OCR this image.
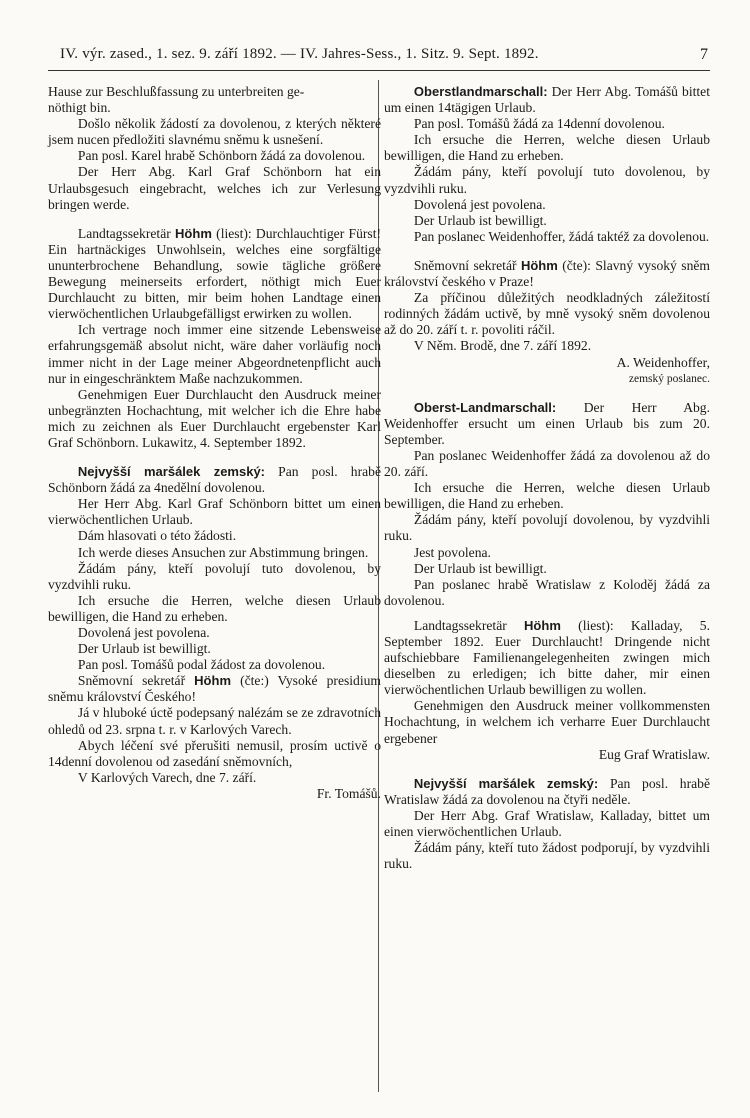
IV. výr. zased., 1. sez. 9. září 1892. — IV. Jahres-Sess., 1. Sitz. 9. Sept. 1892.	7

Hause zur Beschlußfassung zu unterbreiten ge-

nöthigt bin.

Došlo několik žádostí za dovolenou, z kterých některé jsem nucen předložiti slavnému sněmu k usnešení.

Pan posl. Karel hrabě Schönborn žádá za dovolenou.

Der Herr Abg. Karl Graf Schönborn hat ein Urlaubsgesuch eingebracht, welches ich zur Verlesung bringen werde.

Landtagssekretär Höhm (liest): Durchlauchtiger Fürst! Ein hartnäckiges Unwohlsein, welches eine sorgfältige ununterbrochene Behandlung, sowie tägliche größere Bewegung meinerseits erfordert, nöthigt mich Euer Durchlaucht zu bitten, mir beim hohen Landtage einen vierwöchentlichen Urlaubgefälligst erwirken zu wollen.

Ich vertrage noch immer eine sitzende Lebensweise erfahrungsgemäß absolut nicht, wäre daher vorläufig noch immer nicht in der Lage meiner Abgeordnetenpflicht auch nur in eingeschränktem Maße nachzukommen.

Genehmigen Euer Durchlaucht den Ausdruck meiner unbegränzten Hochachtung, mit welcher ich die Ehre habe mich zu zeichnen als Euer Durchlaucht ergebenster Karl Graf Schönborn. Lukawitz, 4. September 1892.

Nejvyšší maršálek zemský: Pan posl. hrabě Schönborn žádá za 4nedělní dovolenou.

Her Herr Abg. Karl Graf Schönborn bittet um einen vierwöchentlichen Urlaub.

Dám hlasovati o této žádosti.

Ich werde dieses Ansuchen zur Abstimmung bringen.

Žádám pány, kteří povolují tuto dovolenou, by vyzdvihli ruku.

Ich ersuche die Herren, welche diesen Urlaub bewilligen, die Hand zu erheben.

Dovolená jest povolena.

Der Urlaub ist bewilligt.

Pan posl. Tomášů podal žádost za dovolenou.

Sněmovní sekretář Höhm (čte:) Vysoké presidium sněmu království Českého!

Já v hluboké úctě podepsaný nalézám se ze zdravotních ohledů od 23. srpna t. r. v Karlových Varech.

Abych léčení své přerušiti nemusil, prosím uctivě o 14denní dovolenou od zasedání sněmovních,

V Karlových Varech, dne 7. září.

Fr. Tomášů.

Oberstlandmarschall: Der Herr Abg. Tomášů bittet um einen 14tägigen Urlaub.

Pan posl. Tomášů žádá za 14denní dovolenou.

Ich ersuche die Herren, welche diesen Urlaub bewilligen, die Hand zu erheben.

Žádám pány, kteří povolují tuto dovolenou, by vyzdvihli ruku.

Dovolená jest povolena.

Der Urlaub ist bewilligt.

Pan poslanec Weidenhoffer, žádá taktéž za dovolenou.

Sněmovní sekretář Höhm (čte): Slavný vysoký sněm království českého v Praze!

Za příčinou důležitých neodkladných záležitostí rodinných žádám uctivě, by mně vysoký sněm dovolenou až do 20. září t. r. povoliti ráčil.

V Něm. Brodě, dne 7. září 1892.

A. Weidenhoffer,

zemský poslanec.

Oberst-Landmarschall: Der Herr Abg. Weidenhoffer ersucht um einen Urlaub bis zum 20. September.

Pan poslanec Weidenhoffer žádá za dovolenou až do 20. září.

Ich ersuche die Herren, welche diesen Urlaub bewilligen, die Hand zu erheben.

Žádám pány, kteří povolují dovolenou, by vyzdvihli ruku.

Jest povolena.

Der Urlaub ist bewilligt.

Pan poslanec hrabě Wratislaw z Koloděj žádá za dovolenou.

Landtagssekretär Höhm (liest): Kalladay, 5. September 1892. Euer Durchlaucht! Dringende nicht aufschiebbare Familienangelegenheiten zwingen mich dieselben zu erledigen; ich bitte daher, mir einen vierwöchentlichen Urlaub bewilligen zu wollen.

Genehmigen den Ausdruck meiner vollkommensten Hochachtung, in welchem ich verharre Euer Durchlaucht ergebener

Eug Graf Wratislaw.

Nejvyšší maršálek zemský: Pan posl. hrabě Wratislaw žádá za dovolenou na čtyři neděle.

Der Herr Abg. Graf Wratislaw, Kalladay, bittet um einen vierwöchentlichen Urlaub.

Žádám pány, kteří tuto žádost podporují, by vyzdvihli ruku.
